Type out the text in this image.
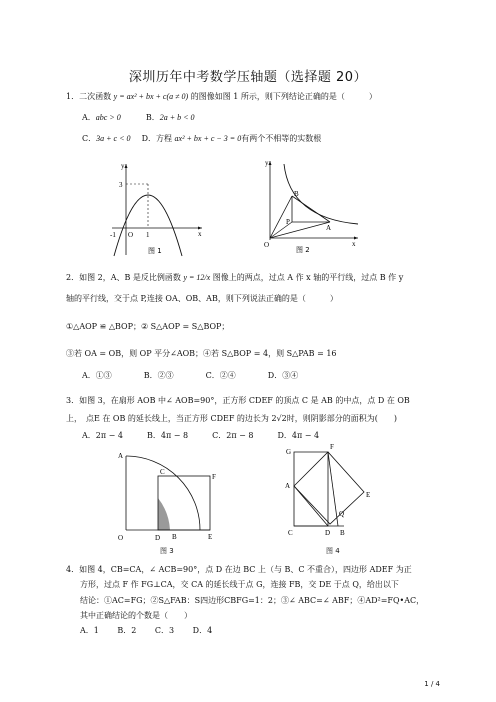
深圳历年中考数学压轴题（选择题 20）
1．二次函数 y = ax² + bx + c(a ≠ 0) 的图像如图 1 所示，则下列结论正确的是（　　　）
A．abc > 0	B．2a + b < 0
C．3a + c < 0 D．方程 ax² + bx + c − 3 = 0有两个不相等的实数根
y
x
3
-1 O 1
图 1
y
x
O
B
P
A
图 2
2．如图 2，A、B 是反比例函数 y = 12/x 图像上的两点，过点 A 作 x 轴的平行线，过点 B 作 y
轴的平行线，交于点 P,连接 OA、OB、AB，则下列说法正确的是（　　　）
①△AOP ≌ △BOP；② S△AOP = S△BOP；
③若 OA = OB，则 OP 平分∠AOB；④若 S△BOP = 4，则 S△PAB = 16
A．①③　　　　B．②③　　　　C．②④　　　　D．③④
3．如图 3，在扇形 AOB 中∠ AOB=90°，正方形 CDEF 的顶点 C 是 AB 的中点，点 D 在 OB
上，　点E 在 OB 的延长线上，当正方形 CDEF 的边长为 2√2时，则阴影部分的面积为(　　)
A．2π − 4　　　B．4π − 8　　　C．2π − 8　　　D．4π − 4
A
C
F
O	D B	E
图 3
G
F
A
E
Q
C	D B
图 4
4．如图 4，CB=CA，∠ ACB=90°，点 D 在边 BC 上（与 B、C 不重合），四边形 ADEF 为正
方形，过点 F 作 FG⊥CA，交 CA 的延长线于点 G，连接 FB，交 DE 于点 Q，给出以下
结论：①AC=FG；②S△FAB：S四边形CBFG=1：2；③∠ ABC=∠ ABF；④AD²=FQ•AC，
其中正确结论的个数是（　　）
A．1　　 B．2　　 C．3　　 D．4
1 / 4
